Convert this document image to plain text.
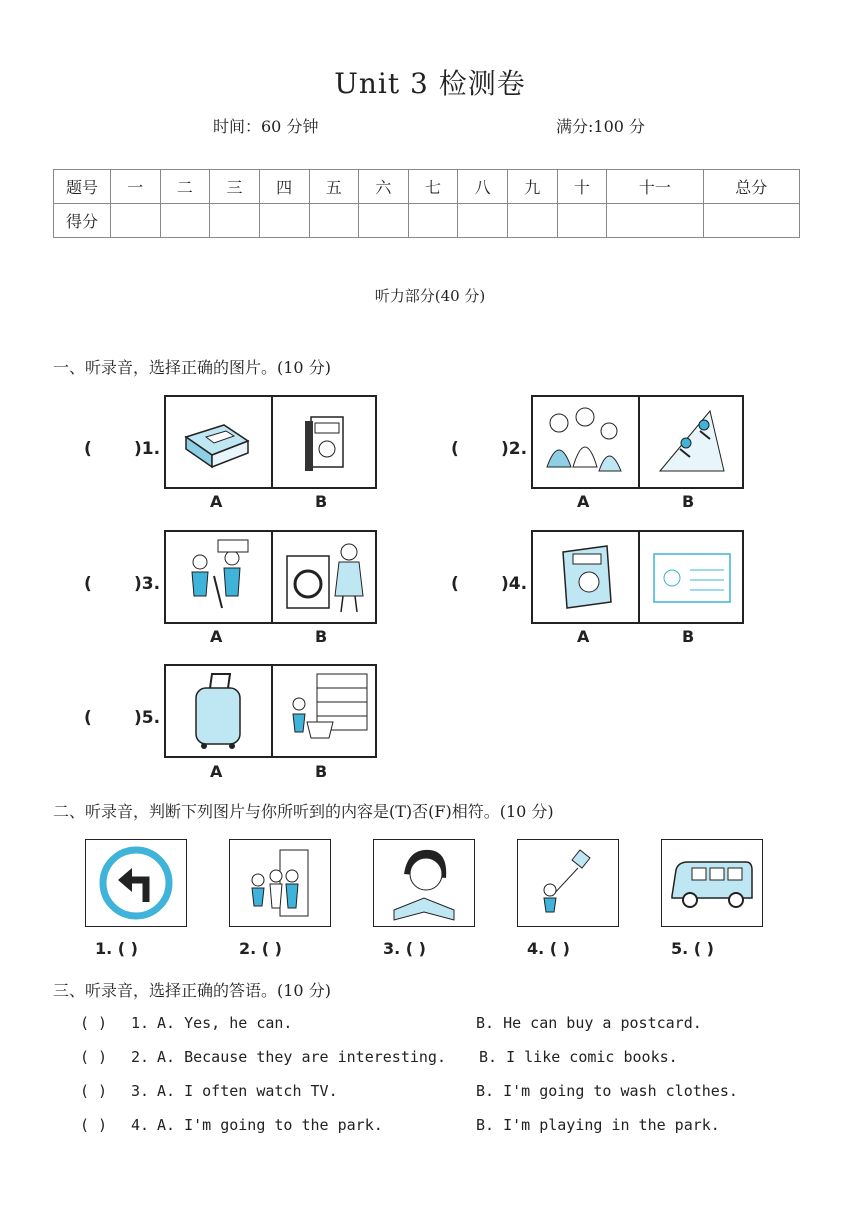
Unit 3 检测卷
时间：60 分钟	满分:100 分
题号	一	二	三	四	五	六	七	八	九	十	十一	总分
得分												
听力部分(40 分)
一、听录音，选择正确的图片。(10 分)
( )1.
A	B
( )2.
A	B
( )3.
A	B
( )4.
A	B
( )5.
A	B
二、听录音，判断下列图片与你所听到的内容是(T)否(F)相符。(10 分)
1. ( )	2. ( )	3. ( )	4. ( )	5. ( )
三、听录音，选择正确的答语。(10 分)
( ) 1. A. Yes, he can.	B. He can buy a postcard.
( ) 2. A. Because they are interesting. B. I like comic books.
( ) 3. A. I often watch TV.	B. I'm going to wash clothes.
( ) 4. A. I'm going to the park.	B. I'm playing in the park.
